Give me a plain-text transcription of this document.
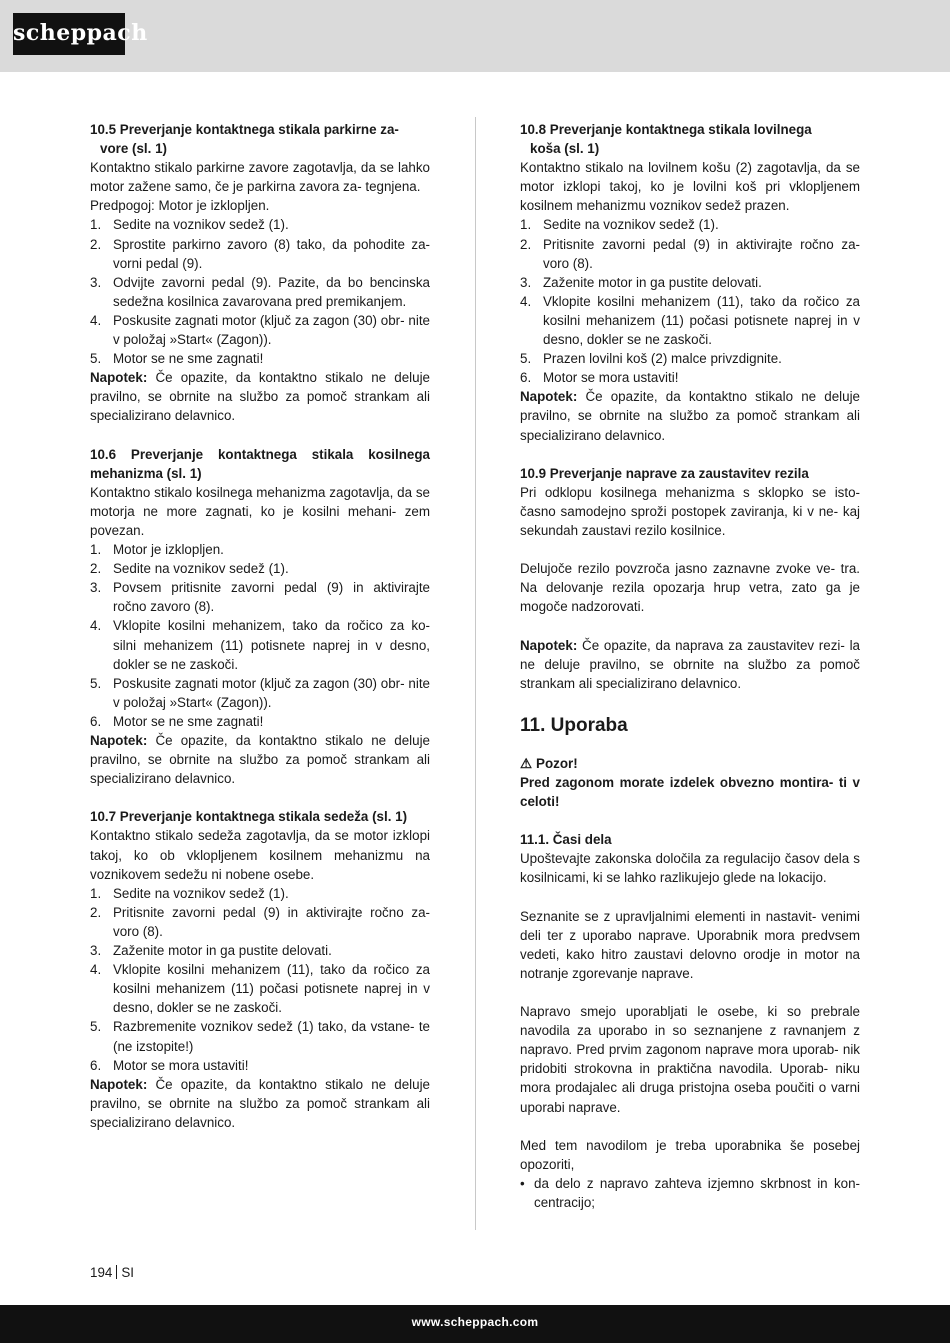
scheppach
10.5 Preverjanje kontaktnega stikala parkirne za-
vore (sl. 1)

Kontaktno stikalo parkirne zavore zagotavlja, da se lahko motor zažene samo, če je parkirna zavora za- tegnjena.

Predpogoj: Motor je izklopljen.

1. Sedite na voznikov sedež (1).
2. Sprostite parkirno zavoro (8) tako, da pohodite za- vorni pedal (9).
3. Odvijte zavorni pedal (9). Pazite, da bo bencinska sedežna kosilnica zavarovana pred premikanjem.
4. Poskusite zagnati motor (ključ za zagon (30) obr- nite v položaj »Start« (Zagon)).
5. Motor se ne sme zagnati!

Napotek: Če opazite, da kontaktno stikalo ne deluje pravilno, se obrnite na službo za pomoč strankam ali specializirano delavnico.

10.6 Preverjanje kontaktnega stikala kosilnega mehanizma (sl. 1)

Kontaktno stikalo kosilnega mehanizma zagotavlja, da se motorja ne more zagnati, ko je kosilni mehani- zem povezan.

1. Motor je izklopljen.
2. Sedite na voznikov sedež (1).
3. Povsem pritisnite zavorni pedal (9) in aktivirajte ročno zavoro (8).
4. Vklopite kosilni mehanizem, tako da ročico za ko- silni mehanizem (11) potisnete naprej in v desno, dokler se ne zaskoči.
5. Poskusite zagnati motor (ključ za zagon (30) obr- nite v položaj »Start« (Zagon)).
6. Motor se ne sme zagnati!

Napotek: Če opazite, da kontaktno stikalo ne deluje pravilno, se obrnite na službo za pomoč strankam ali specializirano delavnico.

10.7 Preverjanje kontaktnega stikala sedeža (sl. 1)

Kontaktno stikalo sedeža zagotavlja, da se motor izklopi takoj, ko ob vklopljenem kosilnem mehanizmu na voznikovem sedežu ni nobene osebe.

1. Sedite na voznikov sedež (1).
2. Pritisnite zavorni pedal (9) in aktivirajte ročno za- voro (8).
3. Zaženite motor in ga pustite delovati.
4. Vklopite kosilni mehanizem (11), tako da ročico za kosilni mehanizem (11) počasi potisnete naprej in v desno, dokler se ne zaskoči.
5. Razbremenite voznikov sedež (1) tako, da vstane- te (ne izstopite!)
6. Motor se mora ustaviti!

Napotek: Če opazite, da kontaktno stikalo ne deluje pravilno, se obrnite na službo za pomoč strankam ali specializirano delavnico.

10.8 Preverjanje kontaktnega stikala lovilnega
koša (sl. 1)

Kontaktno stikalo na lovilnem košu (2) zagotavlja, da se motor izklopi takoj, ko je lovilni koš pri vklopljenem kosilnem mehanizmu voznikov sedež prazen.

1. Sedite na voznikov sedež (1).
2. Pritisnite zavorni pedal (9) in aktivirajte ročno za- voro (8).
3. Zaženite motor in ga pustite delovati.
4. Vklopite kosilni mehanizem (11), tako da ročico za kosilni mehanizem (11) počasi potisnete naprej in v desno, dokler se ne zaskoči.
5. Prazen lovilni koš (2) malce privzdignite.
6. Motor se mora ustaviti!

Napotek: Če opazite, da kontaktno stikalo ne deluje pravilno, se obrnite na službo za pomoč strankam ali specializirano delavnico.

10.9 Preverjanje naprave za zaustavitev rezila

Pri odklopu kosilnega mehanizma s sklopko se isto- časno samodejno sproži postopek zaviranja, ki v ne- kaj sekundah zaustavi rezilo kosilnice.

Delujoče rezilo povzroča jasno zaznavne zvoke ve- tra. Na delovanje rezila opozarja hrup vetra, zato ga je mogoče nadzorovati.

Napotek: Če opazite, da naprava za zaustavitev rezi- la ne deluje pravilno, se obrnite na službo za pomoč strankam ali specializirano delavnico.

11. Uporaba

⚠ Pozor!

Pred zagonom morate izdelek obvezno montira- ti v celoti!

11.1. Časi dela

Upoštevajte zakonska določila za regulacijo časov dela s kosilnicami, ki se lahko razlikujejo glede na lokacijo.

Seznanite se z upravljalnimi elementi in nastavit- venimi deli ter z uporabo naprave. Uporabnik mora predvsem vedeti, kako hitro zaustavi delovno orodje in motor na notranje zgorevanje naprave.

Napravo smejo uporabljati le osebe, ki so prebrale navodila za uporabo in so seznanjene z ravnanjem z napravo. Pred prvim zagonom naprave mora uporab- nik pridobiti strokovna in praktična navodila. Uporab- niku mora prodajalec ali druga pristojna oseba poučiti o varni uporabi naprave.

Med tem navodilom je treba uporabnika še posebej opozoriti,

• da delo z napravo zahteva izjemno skrbnost in kon- centracijo;
194 SI
www.scheppach.com
